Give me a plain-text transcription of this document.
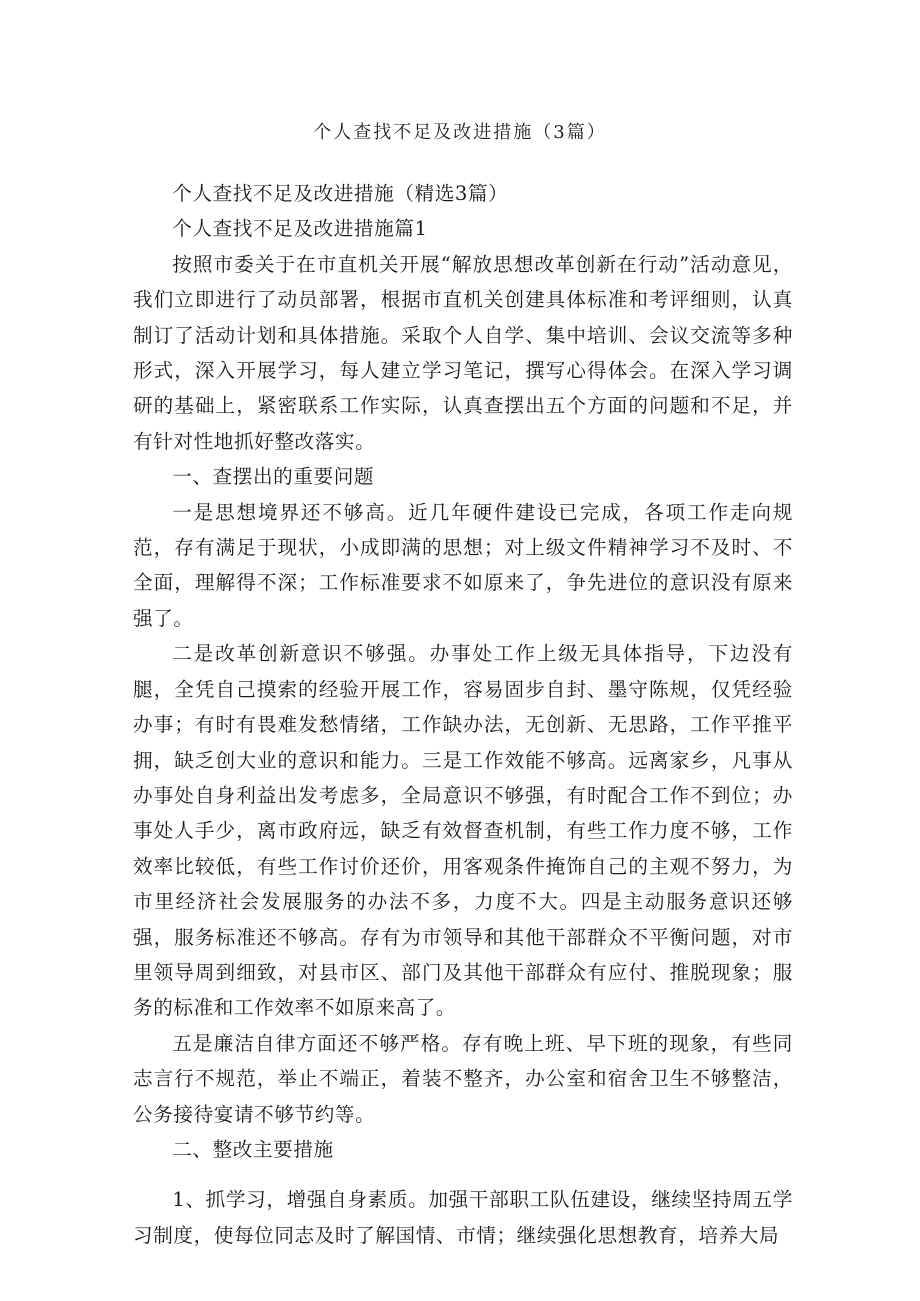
个人查找不足及改进措施（3篇）

个人查找不足及改进措施（精选3篇）

个人查找不足及改进措施篇1

按照市委关于在市直机关开展“解放思想改革创新在行动”活动意见，我们立即进行了动员部署，根据市直机关创建具体标准和考评细则，认真制订了活动计划和具体措施。采取个人自学、集中培训、会议交流等多种形式，深入开展学习，每人建立学习笔记，撰写心得体会。在深入学习调研的基础上，紧密联系工作实际，认真查摆出五个方面的问题和不足，并有针对性地抓好整改落实。

一、查摆出的重要问题

一是思想境界还不够高。近几年硬件建设已完成，各项工作走向规范，存有满足于现状，小成即满的思想；对上级文件精神学习不及时、不全面，理解得不深；工作标准要求不如原来了，争先进位的意识没有原来强了。

二是改革创新意识不够强。办事处工作上级无具体指导，下边没有腿，全凭自己摸索的经验开展工作，容易固步自封、墨守陈规，仅凭经验办事；有时有畏难发愁情绪，工作缺办法，无创新、无思路，工作平推平拥，缺乏创大业的意识和能力。三是工作效能不够高。远离家乡，凡事从办事处自身利益出发考虑多，全局意识不够强，有时配合工作不到位；办事处人手少，离市政府远，缺乏有效督查机制，有些工作力度不够，工作效率比较低，有些工作讨价还价，用客观条件掩饰自己的主观不努力，为市里经济社会发展服务的办法不多，力度不大。四是主动服务意识还够强，服务标准还不够高。存有为市领导和其他干部群众不平衡问题，对市里领导周到细致，对县市区、部门及其他干部群众有应付、推脱现象；服务的标准和工作效率不如原来高了。

五是廉洁自律方面还不够严格。存有晚上班、早下班的现象，有些同志言行不规范，举止不端正，着装不整齐，办公室和宿舍卫生不够整洁，公务接待宴请不够节约等。

二、整改主要措施

1、抓学习，增强自身素质。加强干部职工队伍建设，继续坚持周五学习制度，使每位同志及时了解国情、市情；继续强化思想教育，培养大局
